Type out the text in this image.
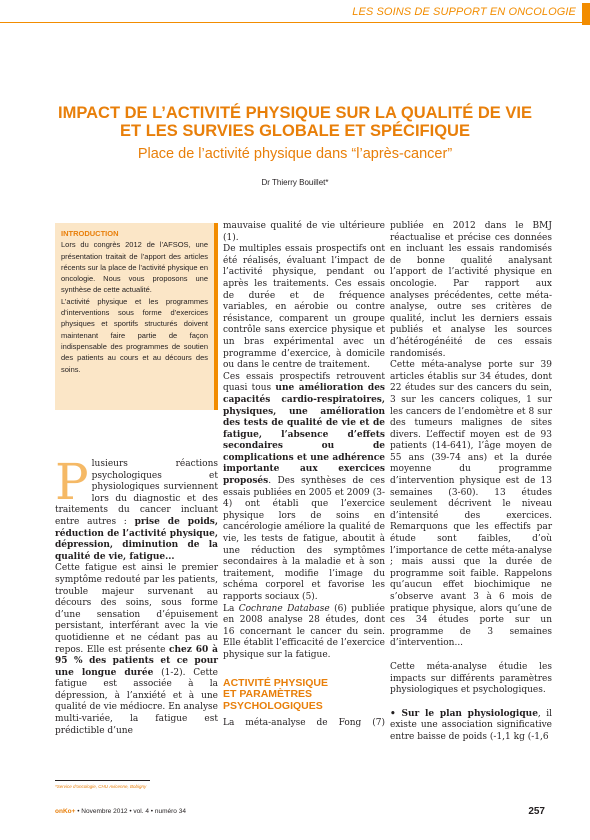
LES SOINS DE SUPPORT EN ONCOLOGIE
IMPACT DE L’ACTIVITÉ PHYSIQUE SUR LA QUALITÉ DE VIE
ET LES SURVIES GLOBALE ET SPÉCIFIQUE
Place de l’activité physique dans “l’après-cancer”
Dr Thierry Bouillet*
INTRODUCTION

Lors du congrès 2012 de l’AFSOS, une présentation traitait de l’apport des articles récents sur la place de l’activité physique en oncologie. Nous vous proposons une synthèse de cette actualité.

L’activité physique et les programmes d’interventions sous forme d’exercices physiques et sportifs structurés doivent maintenant faire partie de façon indispensable des programmes de soutien des patients au cours et au décours des soins.

Plusieurs réactions psychologiques et physiologiques surviennent lors du diagnostic et des traitements du cancer incluant entre autres : prise de poids, réduction de l’activité physique, dépression, diminution de la qualité de vie, fatigue...

Cette fatigue est ainsi le premier symptôme redouté par les patients, trouble majeur survenant au décours des soins, sous forme d’une sensation d’épuisement persistant, interférant avec la vie quotidienne et ne cédant pas au repos. Elle est présente chez 60 à 95 % des patients et ce pour une longue durée (1-2). Cette fatigue est associée à la dépression, à l’anxiété et à une qualité de vie médiocre. En analyse multi-variée, la fatigue est prédictible d’une

mauvaise qualité de vie ultérieure (1).

De multiples essais prospectifs ont été réalisés, évaluant l’impact de l’activité physique, pendant ou après les traitements. Ces essais de durée et de fréquence variables, en aérobie ou contre résistance, comparent un groupe contrôle sans exercice physique et un bras expérimental avec un programme d’exercice, à domicile ou dans le centre de traitement.

Ces essais prospectifs retrouvent quasi tous une amélioration des capacités cardio-respiratoires, physiques, une amélioration des tests de qualité de vie et de fatigue, l’absence d’effets secondaires ou de complications et une adhérence importante aux exercices proposés. Des synthèses de ces essais publiées en 2005 et 2009 (3-4) ont établi que l’exercice physique lors de soins en cancérologie améliore la qualité de vie, les tests de fatigue, aboutit à une réduction des symptômes secondaires à la maladie et à son traitement, modifie l’image du schéma corporel et favorise les rapports sociaux (5).

La Cochrane Database (6) publiée en 2008 analyse 28 études, dont 16 concernant le cancer du sein. Elle établit l’efficacité de l’exercice physique sur la fatigue.

ACTIVITÉ PHYSIQUE
ET PARAMÈTRES
PSYCHOLOGIQUES

La méta-analyse de Fong (7)

publiée en 2012 dans le BMJ réactualise et précise ces données en incluant les essais randomisés de bonne qualité analysant l’apport de l’activité physique en oncologie. Par rapport aux analyses précédentes, cette méta-analyse, outre ses critères de qualité, inclut les derniers essais publiés et analyse les sources d’hétérogénéité de ces essais randomisés.

Cette méta-analyse porte sur 39 articles établis sur 34 études, dont 22 études sur des cancers du sein, 3 sur les cancers coliques, 1 sur les cancers de l’endomètre et 8 sur des tumeurs malignes de sites divers. L’effectif moyen est de 93 patients (14-641), l’âge moyen de 55 ans (39-74 ans) et la durée moyenne du programme d’intervention physique est de 13 semaines (3-60). 13 études seulement décrivent le niveau d’intensité des exercices. Remarquons que les effectifs par étude sont faibles, d’où l’importance de cette méta-analyse ; mais aussi que la durée de programme soit faible. Rappelons qu’aucun effet biochimique ne s’observe avant 3 à 6 mois de pratique physique, alors qu’une de ces 34 études porte sur un programme de 3 semaines d’intervention...

Cette méta-analyse étudie les impacts sur différents paramètres physiologiques et psychologiques.

• Sur le plan physiologique, il existe une association significative entre baisse de poids (-1,1 kg (-1,6

*Service d’oncologie, CHU Avicenne, Bobigny
onKo+ • Novembre 2012 • vol. 4 • numéro 34	257
